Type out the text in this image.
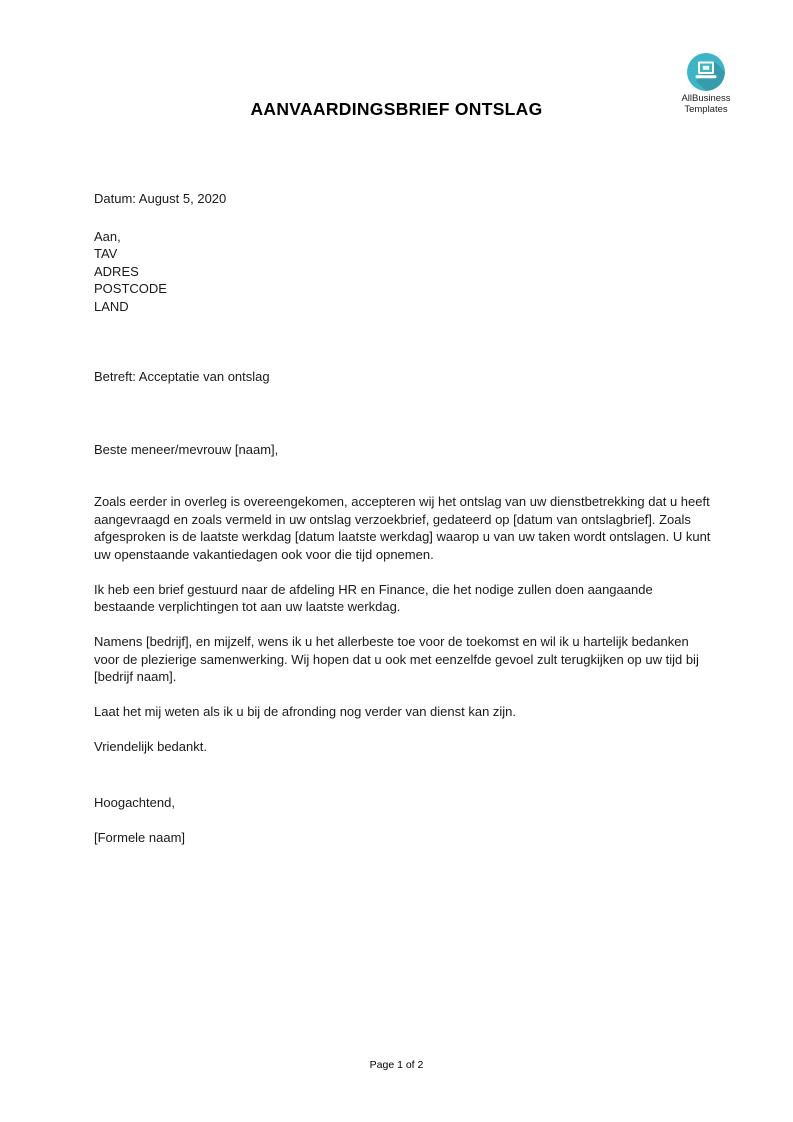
AllBusiness
Templates
AANVAARDINGSBRIEF ONTSLAG
Datum: August 5, 2020
Aan,
TAV
ADRES
POSTCODE
LAND
Betreft: Acceptatie van ontslag
Beste meneer/mevrouw [naam],
Zoals eerder in overleg is overeengekomen, accepteren wij het ontslag van uw dienstbetrekking dat u heeft aangevraagd en zoals vermeld in uw ontslag verzoekbrief, gedateerd op [datum van ontslagbrief]. Zoals afgesproken is de laatste werkdag [datum laatste werkdag] waarop u van uw taken wordt ontslagen. U kunt uw openstaande vakantiedagen ook voor die tijd opnemen.
Ik heb een brief gestuurd naar de afdeling HR en Finance, die het nodige zullen doen aangaande bestaande verplichtingen tot aan uw laatste werkdag.
Namens [bedrijf], en mijzelf, wens ik u het allerbeste toe voor de toekomst en wil ik u hartelijk bedanken voor de plezierige samenwerking. Wij hopen dat u ook met eenzelfde gevoel zult terugkijken op uw tijd bij [bedrijf naam].
Laat het mij weten als ik u bij de afronding nog verder van dienst kan zijn.
Vriendelijk bedankt.
Hoogachtend,
[Formele naam]
Page 1 of 2
